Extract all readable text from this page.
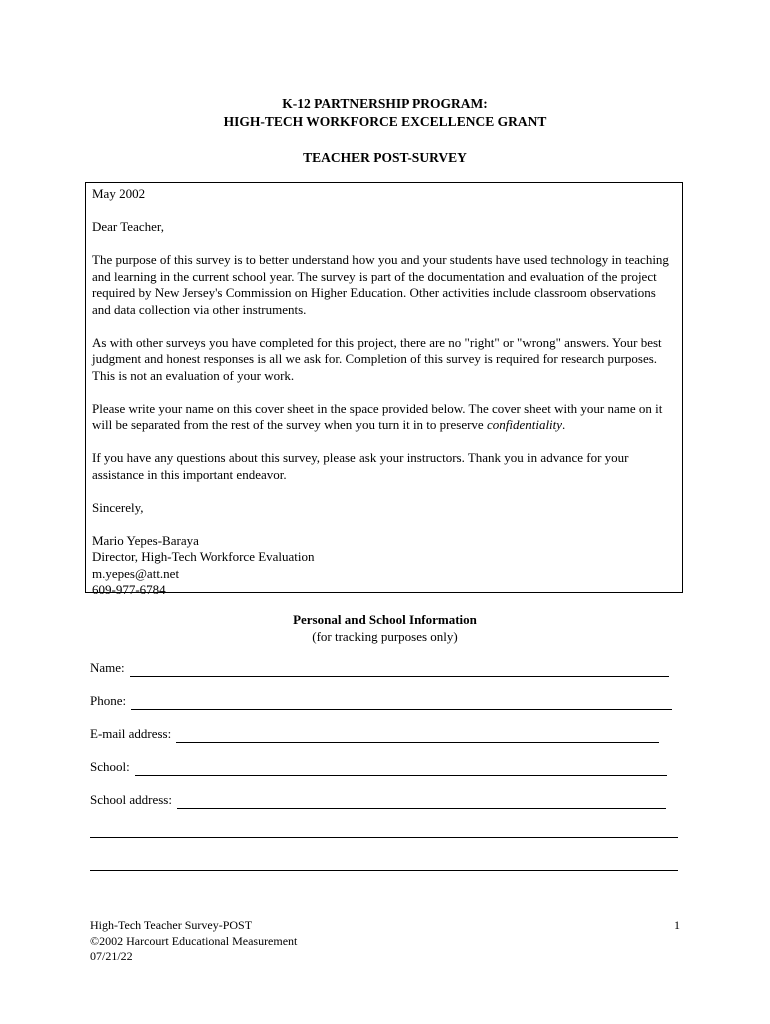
K-12 PARTNERSHIP PROGRAM:
HIGH-TECH WORKFORCE EXCELLENCE GRANT
TEACHER POST-SURVEY

May 2002

Dear Teacher,

The purpose of this survey is to better understand how you and your students have used technology in teaching and learning in the current school year. The survey is part of the documentation and evaluation of the project required by New Jersey's Commission on Higher Education. Other activities include classroom observations and data collection via other instruments.

As with other surveys you have completed for this project, there are no "right" or "wrong" answers. Your best judgment and honest responses is all we ask for. Completion of this survey is required for research purposes. This is not an evaluation of your work.

Please write your name on this cover sheet in the space provided below. The cover sheet with your name on it will be separated from the rest of the survey when you turn it in to preserve confidentiality.

If you have any questions about this survey, please ask your instructors. Thank you in advance for your assistance in this important endeavor.

Sincerely,

Mario Yepes-Baraya

Director, High-Tech Workforce Evaluation

m.yepes@att.net

609-977-6784

Personal and School Information
(for tracking purposes only)
Name:
Phone:
E-mail address:
School:
School address:
High-Tech Teacher Survey-POST
©2002 Harcourt Educational Measurement
07/21/22
1
